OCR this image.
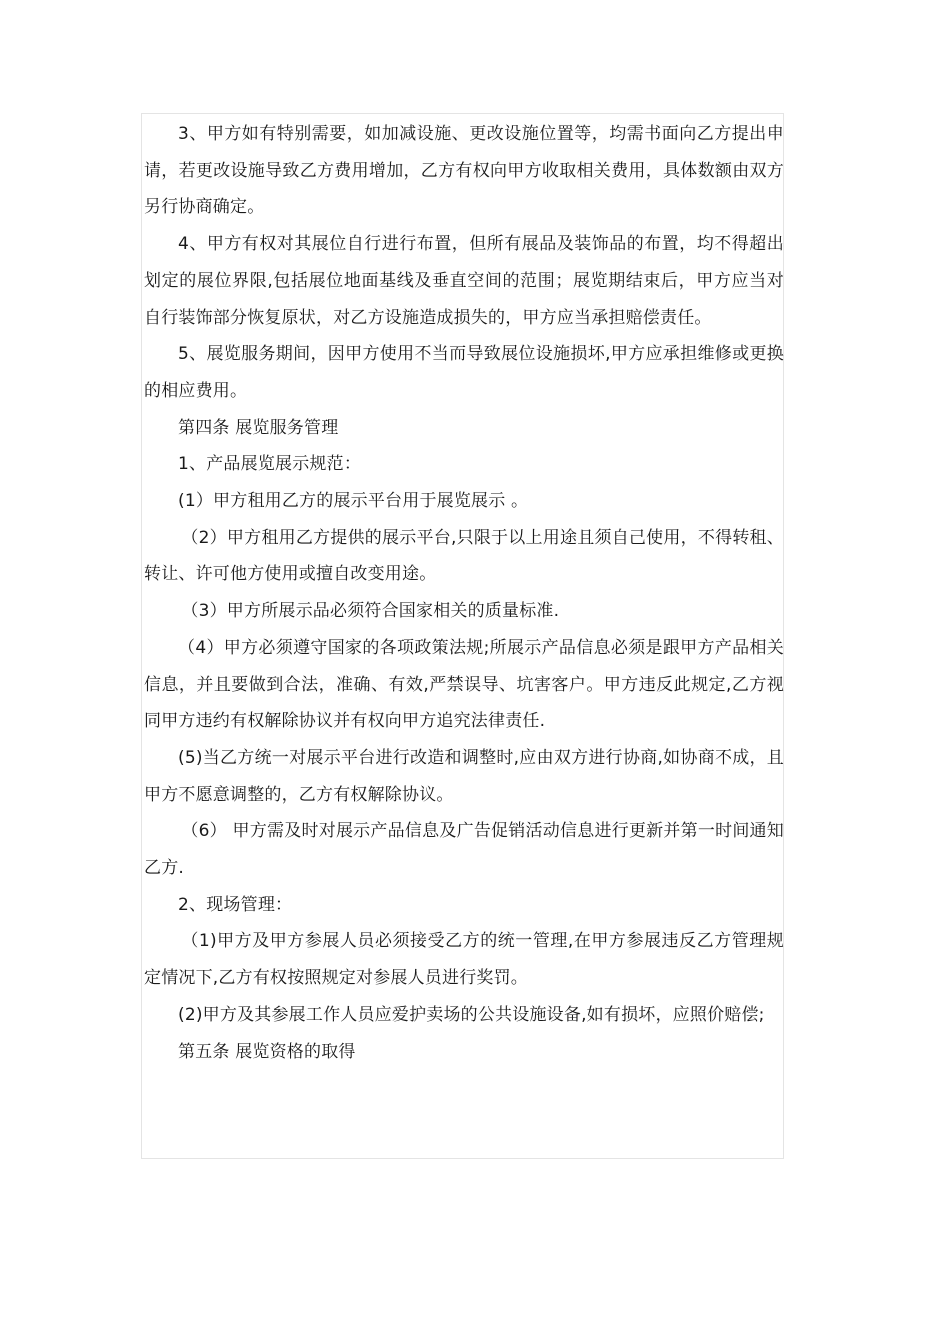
3、甲方如有特别需要，如加减设施、更改设施位置等，均需书面向乙方提出申请，若更改设施导致乙方费用增加，乙方有权向甲方收取相关费用，具体数额由双方另行协商确定。

4、甲方有权对其展位自行进行布置，但所有展品及装饰品的布置，均不得超出划定的展位界限,包括展位地面基线及垂直空间的范围；展览期结束后，甲方应当对自行装饰部分恢复原状，对乙方设施造成损失的，甲方应当承担赔偿责任。

5、展览服务期间，因甲方使用不当而导致展位设施损坏,甲方应承担维修或更换的相应费用。

第四条 展览服务管理

1、产品展览展示规范：

(1）甲方租用乙方的展示平台用于展览展示 。

（2）甲方租用乙方提供的展示平台,只限于以上用途且须自己使用，不得转租、转让、许可他方使用或擅自改变用途。

（3）甲方所展示品必须符合国家相关的质量标准.

（4）甲方必须遵守国家的各项政策法规;所展示产品信息必须是跟甲方产品相关信息，并且要做到合法，准确、有效,严禁误导、坑害客户。甲方违反此规定,乙方视同甲方违约有权解除协议并有权向甲方追究法律责任.

(5)当乙方统一对展示平台进行改造和调整时,应由双方进行协商,如协商不成，且甲方不愿意调整的，乙方有权解除协议。

（6） 甲方需及时对展示产品信息及广告促销活动信息进行更新并第一时间通知乙方.

2、现场管理：

（1)甲方及甲方参展人员必须接受乙方的统一管理,在甲方参展违反乙方管理规定情况下,乙方有权按照规定对参展人员进行奖罚。

(2)甲方及其参展工作人员应爱护卖场的公共设施设备,如有损坏，应照价赔偿;

第五条 展览资格的取得
